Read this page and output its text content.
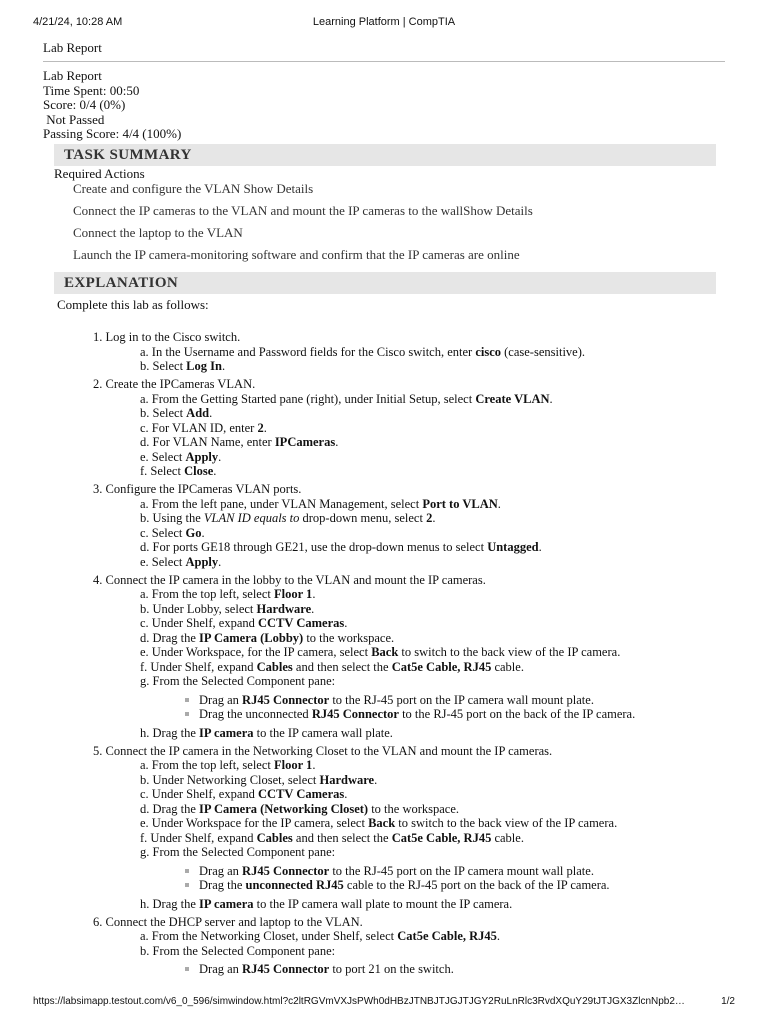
4/21/24, 10:28 AM	Learning Platform | CompTIA
Lab Report
Lab Report
Time Spent: 00:50
Score: 0/4 (0%)
Not Passed
Passing Score: 4/4 (100%)
TASK SUMMARY
Required Actions
Create and configure the VLAN Show Details
Connect the IP cameras to the VLAN and mount the IP cameras to the wallShow Details
Connect the laptop to the VLAN
Launch the IP camera-monitoring software and confirm that the IP cameras are online
EXPLANATION
Complete this lab as follows:
1. Log in to the Cisco switch.
a. In the Username and Password fields for the Cisco switch, enter cisco (case-sensitive).
b. Select Log In.
2. Create the IPCameras VLAN.
a. From the Getting Started pane (right), under Initial Setup, select Create VLAN.
b. Select Add.
c. For VLAN ID, enter 2.
d. For VLAN Name, enter IPCameras.
e. Select Apply.
f. Select Close.
3. Configure the IPCameras VLAN ports.
a. From the left pane, under VLAN Management, select Port to VLAN.
b. Using the VLAN ID equals to drop-down menu, select 2.
c. Select Go.
d. For ports GE18 through GE21, use the drop-down menus to select Untagged.
e. Select Apply.
4. Connect the IP camera in the lobby to the VLAN and mount the IP cameras.
a. From the top left, select Floor 1.
b. Under Lobby, select Hardware.
c. Under Shelf, expand CCTV Cameras.
d. Drag the IP Camera (Lobby) to the workspace.
e. Under Workspace, for the IP camera, select Back to switch to the back view of the IP camera.
f. Under Shelf, expand Cables and then select the Cat5e Cable, RJ45 cable.
g. From the Selected Component pane:
Drag an RJ45 Connector to the RJ-45 port on the IP camera wall mount plate.
Drag the unconnected RJ45 Connector to the RJ-45 port on the back of the IP camera.
h. Drag the IP camera to the IP camera wall plate.
5. Connect the IP camera in the Networking Closet to the VLAN and mount the IP cameras.
a. From the top left, select Floor 1.
b. Under Networking Closet, select Hardware.
c. Under Shelf, expand CCTV Cameras.
d. Drag the IP Camera (Networking Closet) to the workspace.
e. Under Workspace for the IP camera, select Back to switch to the back view of the IP camera.
f. Under Shelf, expand Cables and then select the Cat5e Cable, RJ45 cable.
g. From the Selected Component pane:
Drag an RJ45 Connector to the RJ-45 port on the IP camera mount wall plate.
Drag the unconnected RJ45 cable to the RJ-45 port on the back of the IP camera.
h. Drag the IP camera to the IP camera wall plate to mount the IP camera.
6. Connect the DHCP server and laptop to the VLAN.
a. From the Networking Closet, under Shelf, select Cat5e Cable, RJ45.
b. From the Selected Component pane:
Drag an RJ45 Connector to port 21 on the switch.
https://labsimapp.testout.com/v6_0_596/simwindow.html?c2ltRGVmVXJsPWh0dHBzJTNBJTJGJTJGY2RuLnRlc3RvdXQuY29tJTJGX3ZlcnNpb2…	1/2
